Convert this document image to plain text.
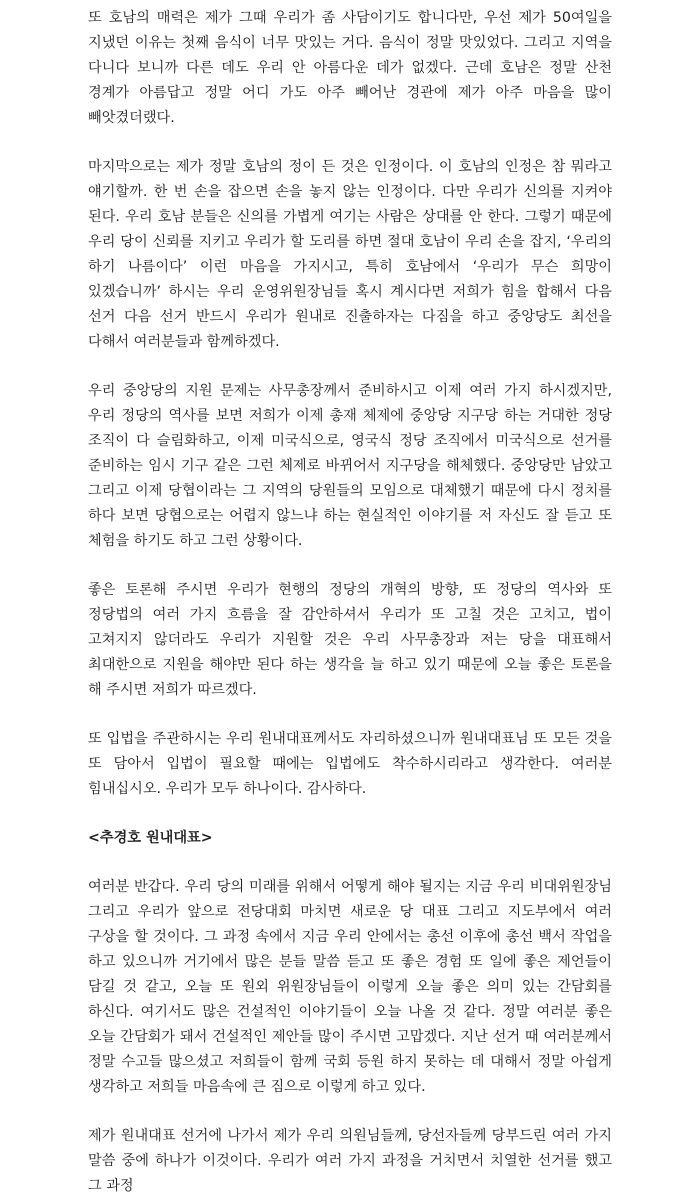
또 호남의 매력은 제가 그때 우리가 좀 사담이기도 합니다만, 우선 제가 50여일을 지냈던 이유는 첫째 음식이 너무 맛있는 거다. 음식이 정말 맛있었다. 그리고 지역을 다니다 보니까 다른 데도 우리 안 아름다운 데가 없겠다. 근데 호남은 정말 산천 경계가 아름답고 정말 어디 가도 아주 빼어난 경관에 제가 아주 마음을 많이 빼앗겼더랬다.

마지막으로는 제가 정말 호남의 정이 든 것은 인정이다. 이 호남의 인정은 참 뭐라고 얘기할까. 한 번 손을 잡으면 손을 놓지 않는 인정이다. 다만 우리가 신의를 지켜야 된다. 우리 호남 분들은 신의를 가볍게 여기는 사람은 상대를 안 한다. 그렇기 때문에 우리 당이 신뢰를 지키고 우리가 할 도리를 하면 절대 호남이 우리 손을 잡지, ‘우리의 하기 나름이다’ 이런 마음을 가지시고, 특히 호남에서 ‘우리가 무슨 희망이 있겠습니까’ 하시는 우리 운영위원장님들 혹시 계시다면 저희가 힘을 합해서 다음 선거 다음 선거 반드시 우리가 원내로 진출하자는 다짐을 하고 중앙당도 최선을 다해서 여러분들과 함께하겠다.

우리 중앙당의 지원 문제는 사무총장께서 준비하시고 이제 여러 가지 하시겠지만, 우리 정당의 역사를 보면 저희가 이제 총재 체제에 중앙당 지구당 하는 거대한 정당 조직이 다 슬림화하고, 이제 미국식으로, 영국식 정당 조직에서 미국식으로 선거를 준비하는 임시 기구 같은 그런 체제로 바뀌어서 지구당을 해체했다. 중앙당만 남았고 그리고 이제 당협이라는 그 지역의 당원들의 모임으로 대체했기 때문에 다시 정치를 하다 보면 당협으로는 어렵지 않느냐 하는 현실적인 이야기를 저 자신도 잘 듣고 또 체험을 하기도 하고 그런 상황이다.

좋은 토론해 주시면 우리가 현행의 정당의 개혁의 방향, 또 정당의 역사와 또 정당법의 여러 가지 흐름을 잘 감안하셔서 우리가 또 고칠 것은 고치고, 법이 고쳐지지 않더라도 우리가 지원할 것은 우리 사무총장과 저는 당을 대표해서 최대한으로 지원을 해야만 된다 하는 생각을 늘 하고 있기 때문에 오늘 좋은 토론을 해 주시면 저희가 따르겠다.

또 입법을 주관하시는 우리 원내대표께서도 자리하셨으니까 원내대표님 또 모든 것을 또 담아서 입법이 필요할 때에는 입법에도 착수하시리라고 생각한다. 여러분 힘내십시오. 우리가 모두 하나이다. 감사하다.

<추경호 원내대표>

여러분 반갑다. 우리 당의 미래를 위해서 어떻게 해야 될지는 지금 우리 비대위원장님 그리고 우리가 앞으로 전당대회 마치면 새로운 당 대표 그리고 지도부에서 여러 구상을 할 것이다. 그 과정 속에서 지금 우리 안에서는 총선 이후에 총선 백서 작업을 하고 있으니까 거기에서 많은 분들 말씀 듣고 또 좋은 경험 또 일에 좋은 제언들이 담길 것 같고, 오늘 또 원외 위원장님들이 이렇게 오늘 좋은 의미 있는 간담회를 하신다. 여기서도 많은 건설적인 이야기들이 오늘 나올 것 같다. 정말 여러분 좋은 오늘 간담회가 돼서 건설적인 제안들 많이 주시면 고맙겠다. 지난 선거 때 여러분께서 정말 수고들 많으셨고 저희들이 함께 국회 등원 하지 못하는 데 대해서 정말 아쉽게 생각하고 저희들 마음속에 큰 짐으로 이렇게 하고 있다.

제가 원내대표 선거에 나가서 제가 우리 의원님들께, 당선자들께 당부드린 여러 가지 말씀 중에 하나가 이것이다. 우리가 여러 가지 과정을 거치면서 치열한 선거를 했고 그 과정
